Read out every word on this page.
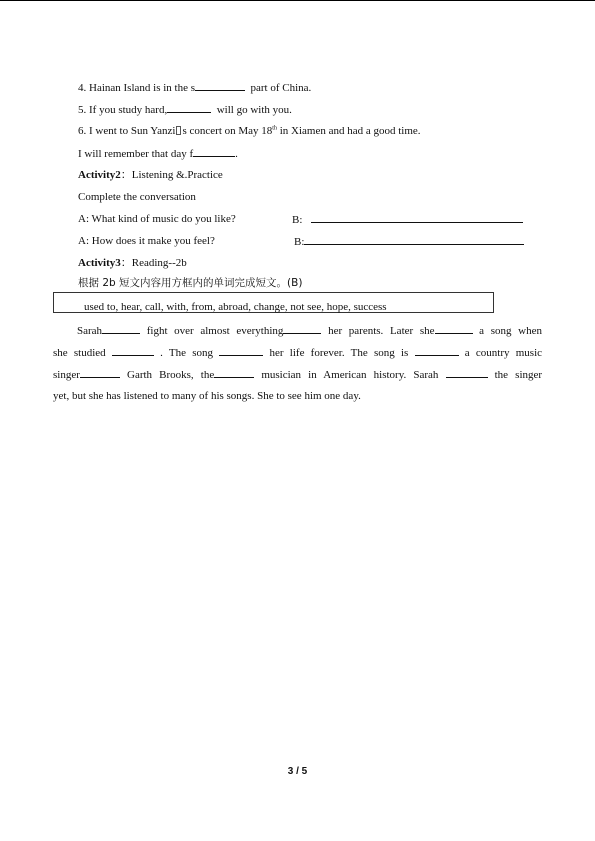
4. Hainan Island is in the s	part of China.
5. If you study hard,	will go with you.
6. I went to Sun Yanzi s concert on May 18th in Xiamen and had a good time.
I will remember that day f	.
Activity2：Listening &.Practice
Complete the conversation
A: What kind of music do you like?	B:
A: How does it make you feel?	B:
Activity3：Reading--2b
根据 2b 短文内容用方框内的单词完成短文。(B)
used to, hear, call, with, from, abroad, change, not see, hope, success
Sarah	fight over almost everything	her parents. Later she	a song when
she studied	. The song	her life forever. The song is	a country music
singer	Garth Brooks, the	musician in American history. Sarah	the singer
yet, but she has listened to many of his songs. She to see him one day.
3 / 5
